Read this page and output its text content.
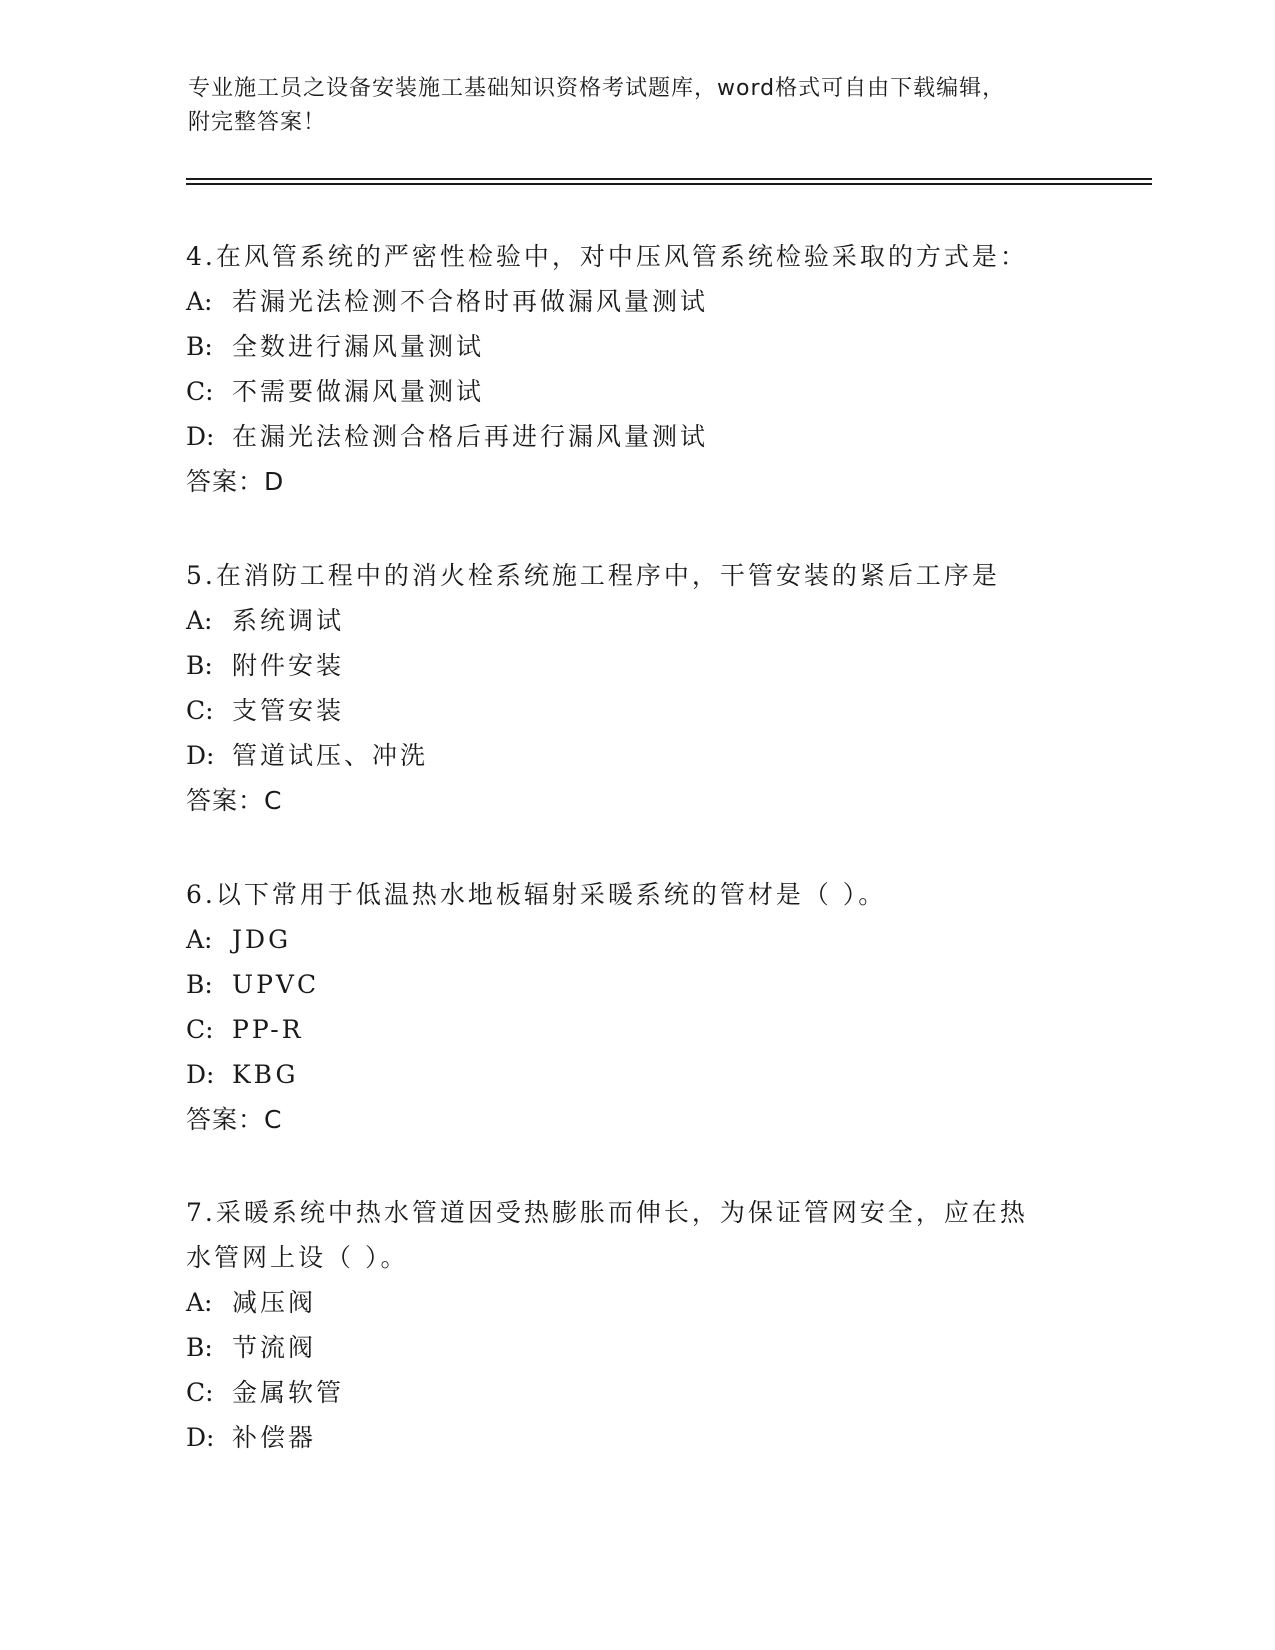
专业施工员之设备安装施工基础知识资格考试题库，word格式可自由下载编辑，
附完整答案！
4.在风管系统的严密性检验中，对中压风管系统检验采取的方式是：
A: 若漏光法检测不合格时再做漏风量测试
B: 全数进行漏风量测试
C: 不需要做漏风量测试
D: 在漏光法检测合格后再进行漏风量测试
答案：D
5.在消防工程中的消火栓系统施工程序中，干管安装的紧后工序是
A: 系统调试
B: 附件安装
C: 支管安装
D: 管道试压、冲洗
答案：C
6.以下常用于低温热水地板辐射采暖系统的管材是（ ）。
A: JDG
B: UPVC
C: PP-R
D: KBG
答案：C
7.采暖系统中热水管道因受热膨胀而伸长，为保证管网安全，应在热
水管网上设（ ）。
A: 减压阀
B: 节流阀
C: 金属软管
D: 补偿器
